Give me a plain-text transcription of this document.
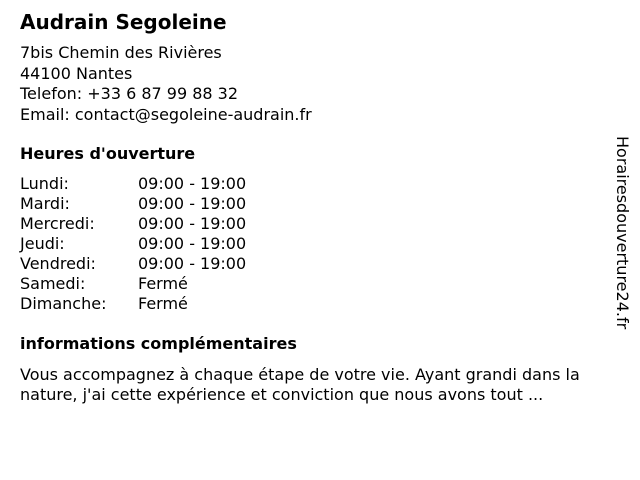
Audrain Segoleine
7bis Chemin des Rivières
44100 Nantes
Telefon: +33 6 87 99 88 32
Email: contact@segoleine-audrain.fr
Heures d'ouverture
Lundi:	09:00 - 19:00
Mardi:	09:00 - 19:00
Mercredi:	09:00 - 19:00
Jeudi:	09:00 - 19:00
Vendredi:	09:00 - 19:00
Samedi:	Fermé
Dimanche:	Fermé
informations complémentaires
Vous accompagnez à chaque étape de votre vie. Ayant grandi dans la nature, j'ai cette expérience et conviction que nous avons tout ...
Horairesdouverture24.fr
